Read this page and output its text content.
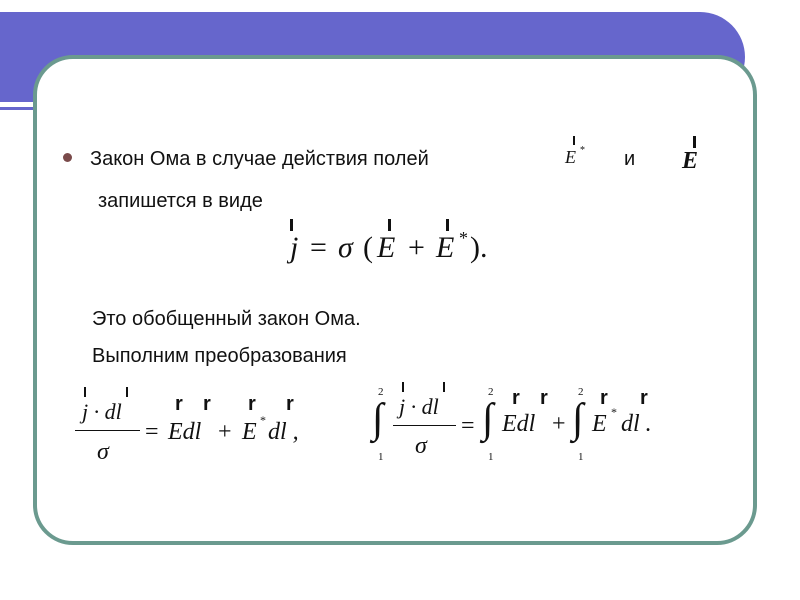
Закон Ома в случае действия полей	E * и E
запишется в виде
j = σ ( E + E * ).
Это обобщенный закон Ома.
Выполним преобразования
j · dl
σ
=
r r
Edl +
r r
E * dl ,
2
∫
1
j · dl
σ
=
2
∫
1
r r
Edl +
2
∫
1
r r
E * dl .
